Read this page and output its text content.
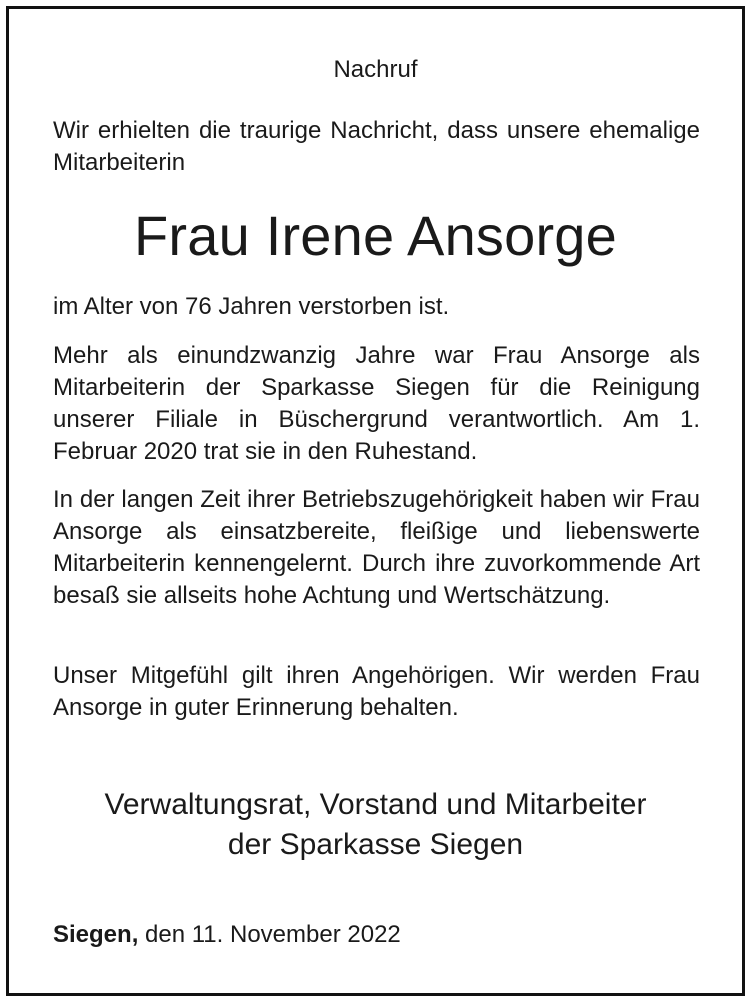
Nachruf

Wir erhielten die traurige Nachricht, dass unsere ehemalige Mitarbeiterin

Frau Irene Ansorge

im Alter von 76 Jahren verstorben ist.

Mehr als einundzwanzig Jahre war Frau Ansorge als Mitarbeiterin der Sparkasse Siegen für die Reinigung unserer Filiale in Büschergrund verantwortlich. Am 1. Februar 2020 trat sie in den Ruhestand.

In der langen Zeit ihrer Betriebszugehörigkeit haben wir Frau Ansorge als einsatzbereite, fleißige und liebenswerte Mitarbeiterin kennengelernt. Durch ihre zuvorkommende Art besaß sie allseits hohe Achtung und Wertschätzung.

Unser Mitgefühl gilt ihren Angehörigen. Wir werden Frau Ansorge in guter Erinnerung behalten.

Verwaltungsrat, Vorstand und Mitarbeiter
der Sparkasse Siegen
Siegen, den 11. November 2022
